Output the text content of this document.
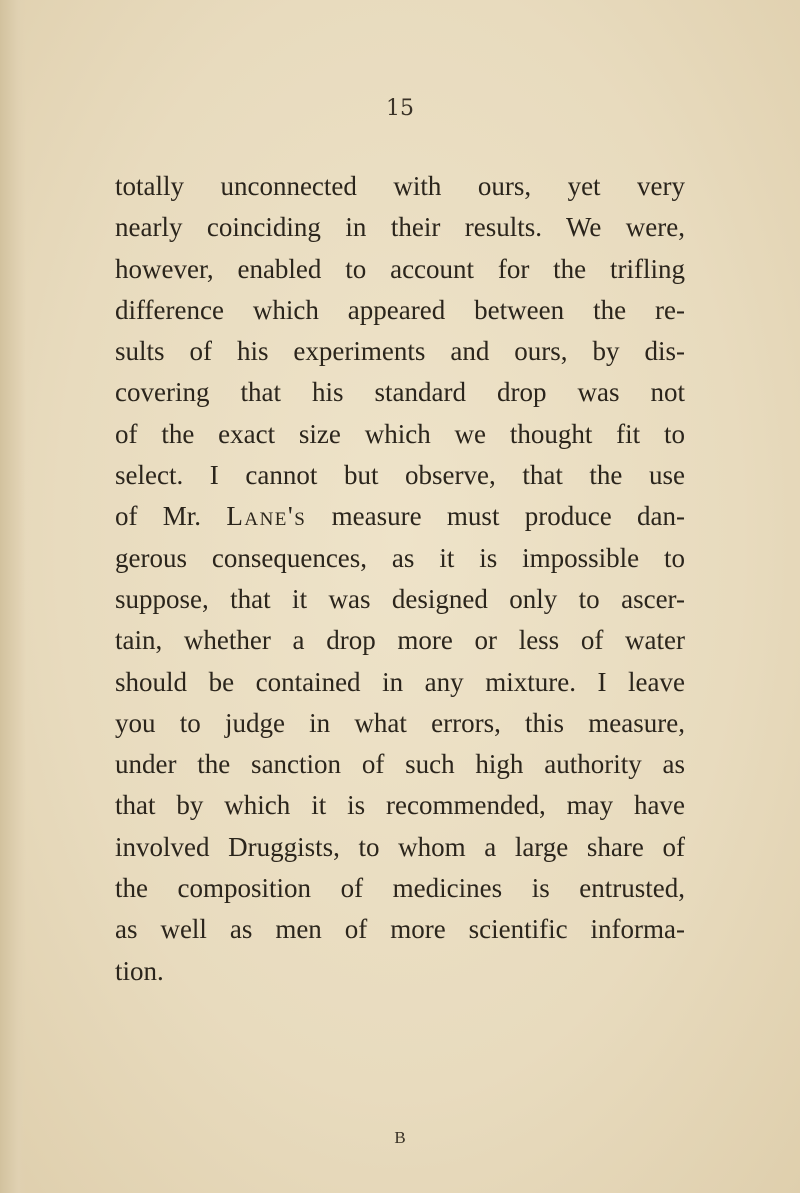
15
totally unconnected with ours, yet very
nearly coinciding in their results. We were,
however, enabled to account for the trifling
difference which appeared between the re-
sults of his experiments and ours, by dis-
covering that his standard drop was not
of the exact size which we thought fit to
select. I cannot but observe, that the use
of Mr. Lane's measure must produce dan-
gerous consequences, as it is impossible to
suppose, that it was designed only to ascer-
tain, whether a drop more or less of water
should be contained in any mixture. I leave
you to judge in what errors, this measure,
under the sanction of such high authority as
that by which it is recommended, may have
involved Druggists, to whom a large share of
the composition of medicines is entrusted,
as well as men of more scientific informa-
tion.
B
